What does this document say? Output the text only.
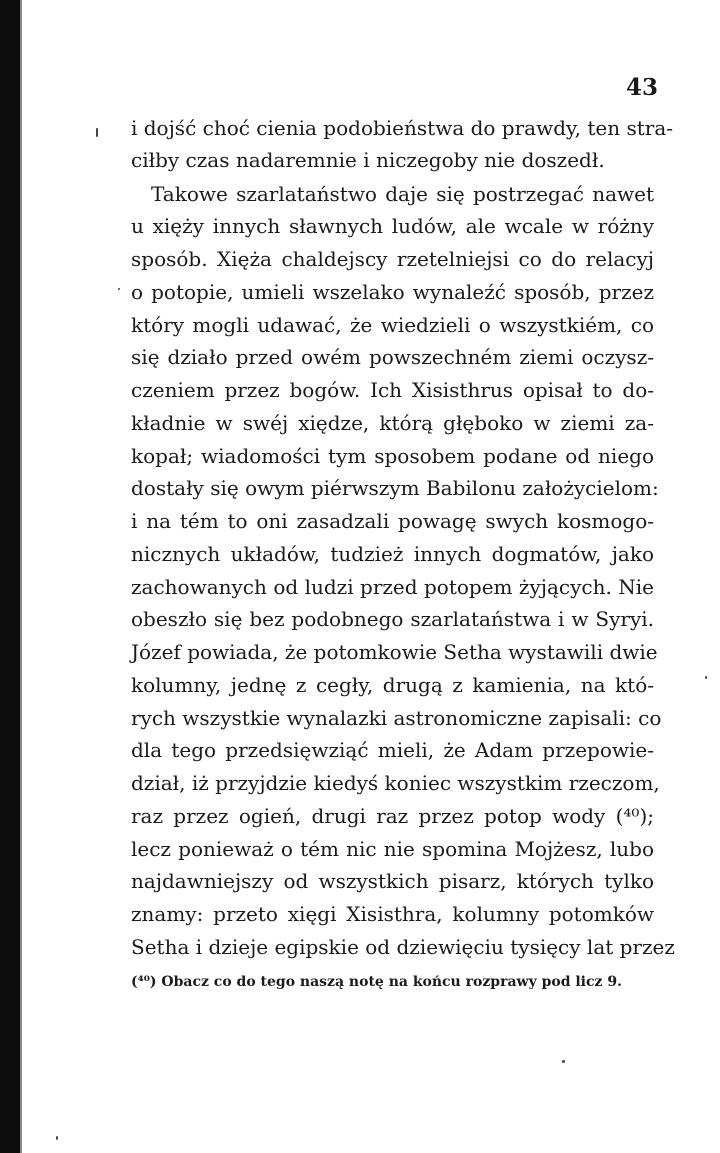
43
i dojść choć cienia podobieństwa do prawdy, ten stra-
ciłby czas nadaremnie i niczegoby nie doszedł.
Takowe szarlataństwo daje się postrzegać nawet
u xięży innych sławnych ludów, ale wcale w różny
sposób. Xięża chaldejscy rzetelniejsi co do relacyj
o potopie, umieli wszelako wynaleźć sposób, przez
który mogli udawać, że wiedzieli o wszystkiém, co
się działo przed owém powszechném ziemi oczysz-
czeniem przez bogów. Ich Xisisthrus opisał to do-
kładnie w swéj xiędze, którą głęboko w ziemi za-
kopał; wiadomości tym sposobem podane od niego
dostały się owym piérwszym Babilonu założycielom:
i na tém to oni zasadzali powagę swych kosmogo-
nicznych układów, tudzież innych dogmatów, jako
zachowanych od ludzi przed potopem żyjących. Nie
obeszło się bez podobnego szarlataństwa i w Syryi.
Józef powiada, że potomkowie Setha wystawili dwie
kolumny, jednę z cegły, drugą z kamienia, na któ-
rych wszystkie wynalazki astronomiczne zapisali: co
dla tego przedsięwziąć mieli, że Adam przepowie-
dział, iż przyjdzie kiedyś koniec wszystkim rzeczom,
raz przez ogień, drugi raz przez potop wody (⁴⁰);
lecz ponieważ o tém nic nie spomina Mojżesz, lubo
najdawniejszy od wszystkich pisarz, których tylko
znamy: przeto xięgi Xisisthra, kolumny potomków
Setha i dzieje egipskie od dziewięciu tysięcy lat przez
(⁴⁰) Obacz co do tego naszą notę na końcu rozprawy pod licz 9.
